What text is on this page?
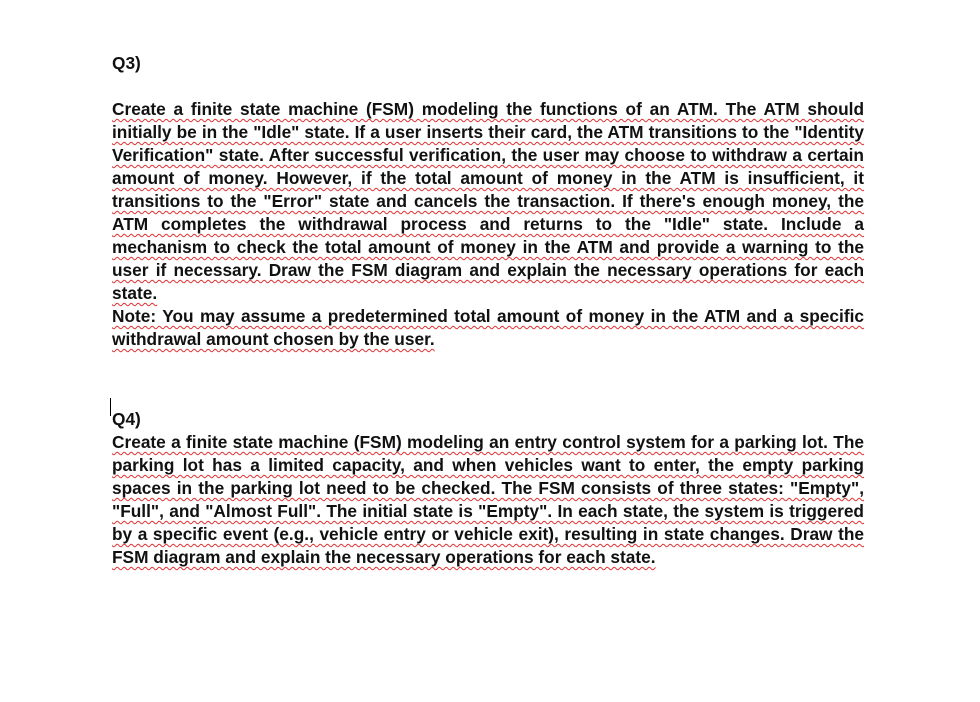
Q3)

Create a finite state machine (FSM) modeling the functions of an ATM. The ATM should initially be in the "Idle" state. If a user inserts their card, the ATM transitions to the "Identity Verification" state. After successful verification, the user may choose to withdraw a certain amount of money. However, if the total amount of money in the ATM is insufficient, it transitions to the "Error" state and cancels the transaction. If there's enough money, the ATM completes the withdrawal process and returns to the "Idle" state. Include a mechanism to check the total amount of money in the ATM and provide a warning to the user if necessary. Draw the FSM diagram and explain the necessary operations for each state.

Note: You may assume a predetermined total amount of money in the ATM and a specific withdrawal amount chosen by the user.

Q4)

Create a finite state machine (FSM) modeling an entry control system for a parking lot. The parking lot has a limited capacity, and when vehicles want to enter, the empty parking spaces in the parking lot need to be checked. The FSM consists of three states: "Empty", "Full", and "Almost Full". The initial state is "Empty". In each state, the system is triggered by a specific event (e.g., vehicle entry or vehicle exit), resulting in state changes. Draw the FSM diagram and explain the necessary operations for each state.
